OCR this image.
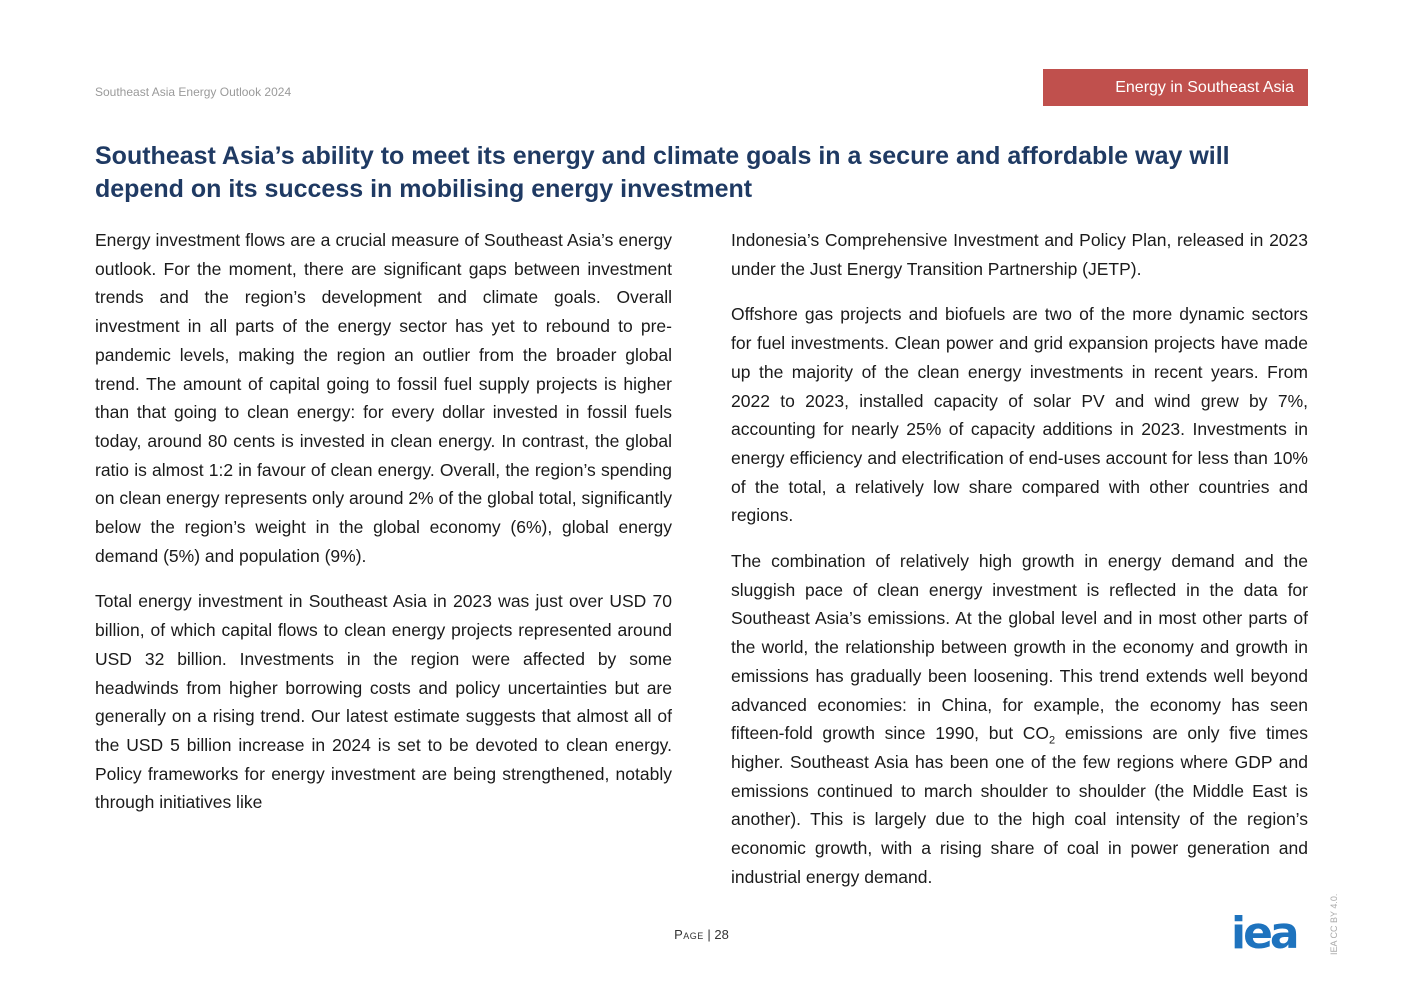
Southeast Asia Energy Outlook 2024	Energy in Southeast Asia
Southeast Asia’s ability to meet its energy and climate goals in a secure and affordable way will depend on its success in mobilising energy investment

Energy investment flows are a crucial measure of Southeast Asia’s energy outlook. For the moment, there are significant gaps between investment trends and the region’s development and climate goals. Overall investment in all parts of the energy sector has yet to rebound to pre-pandemic levels, making the region an outlier from the broader global trend. The amount of capital going to fossil fuel supply projects is higher than that going to clean energy: for every dollar invested in fossil fuels today, around 80 cents is invested in clean energy. In contrast, the global ratio is almost 1:2 in favour of clean energy. Overall, the region’s spending on clean energy represents only around 2% of the global total, significantly below the region’s weight in the global economy (6%), global energy demand (5%) and population (9%).

Total energy investment in Southeast Asia in 2023 was just over USD 70 billion, of which capital flows to clean energy projects represented around USD 32 billion. Investments in the region were affected by some headwinds from higher borrowing costs and policy uncertainties but are generally on a rising trend. Our latest estimate suggests that almost all of the USD 5 billion increase in 2024 is set to be devoted to clean energy. Policy frameworks for energy investment are being strengthened, notably through initiatives like

Indonesia’s Comprehensive Investment and Policy Plan, released in 2023 under the Just Energy Transition Partnership (JETP).

Offshore gas projects and biofuels are two of the more dynamic sectors for fuel investments. Clean power and grid expansion projects have made up the majority of the clean energy investments in recent years. From 2022 to 2023, installed capacity of solar PV and wind grew by 7%, accounting for nearly 25% of capacity additions in 2023. Investments in energy efficiency and electrification of end-uses account for less than 10% of the total, a relatively low share compared with other countries and regions.

The combination of relatively high growth in energy demand and the sluggish pace of clean energy investment is reflected in the data for Southeast Asia’s emissions. At the global level and in most other parts of the world, the relationship between growth in the economy and growth in emissions has gradually been loosening. This trend extends well beyond advanced economies: in China, for example, the economy has seen fifteen-fold growth since 1990, but $CO_2$ emissions are only five times higher. Southeast Asia has been one of the few regions where GDP and emissions continued to march shoulder to shoulder (the Middle East is another). This is largely due to the high coal intensity of the region’s economic growth, with a rising share of coal in power generation and industrial energy demand.

Page | 28	iea	IEA CC BY 4.0.
